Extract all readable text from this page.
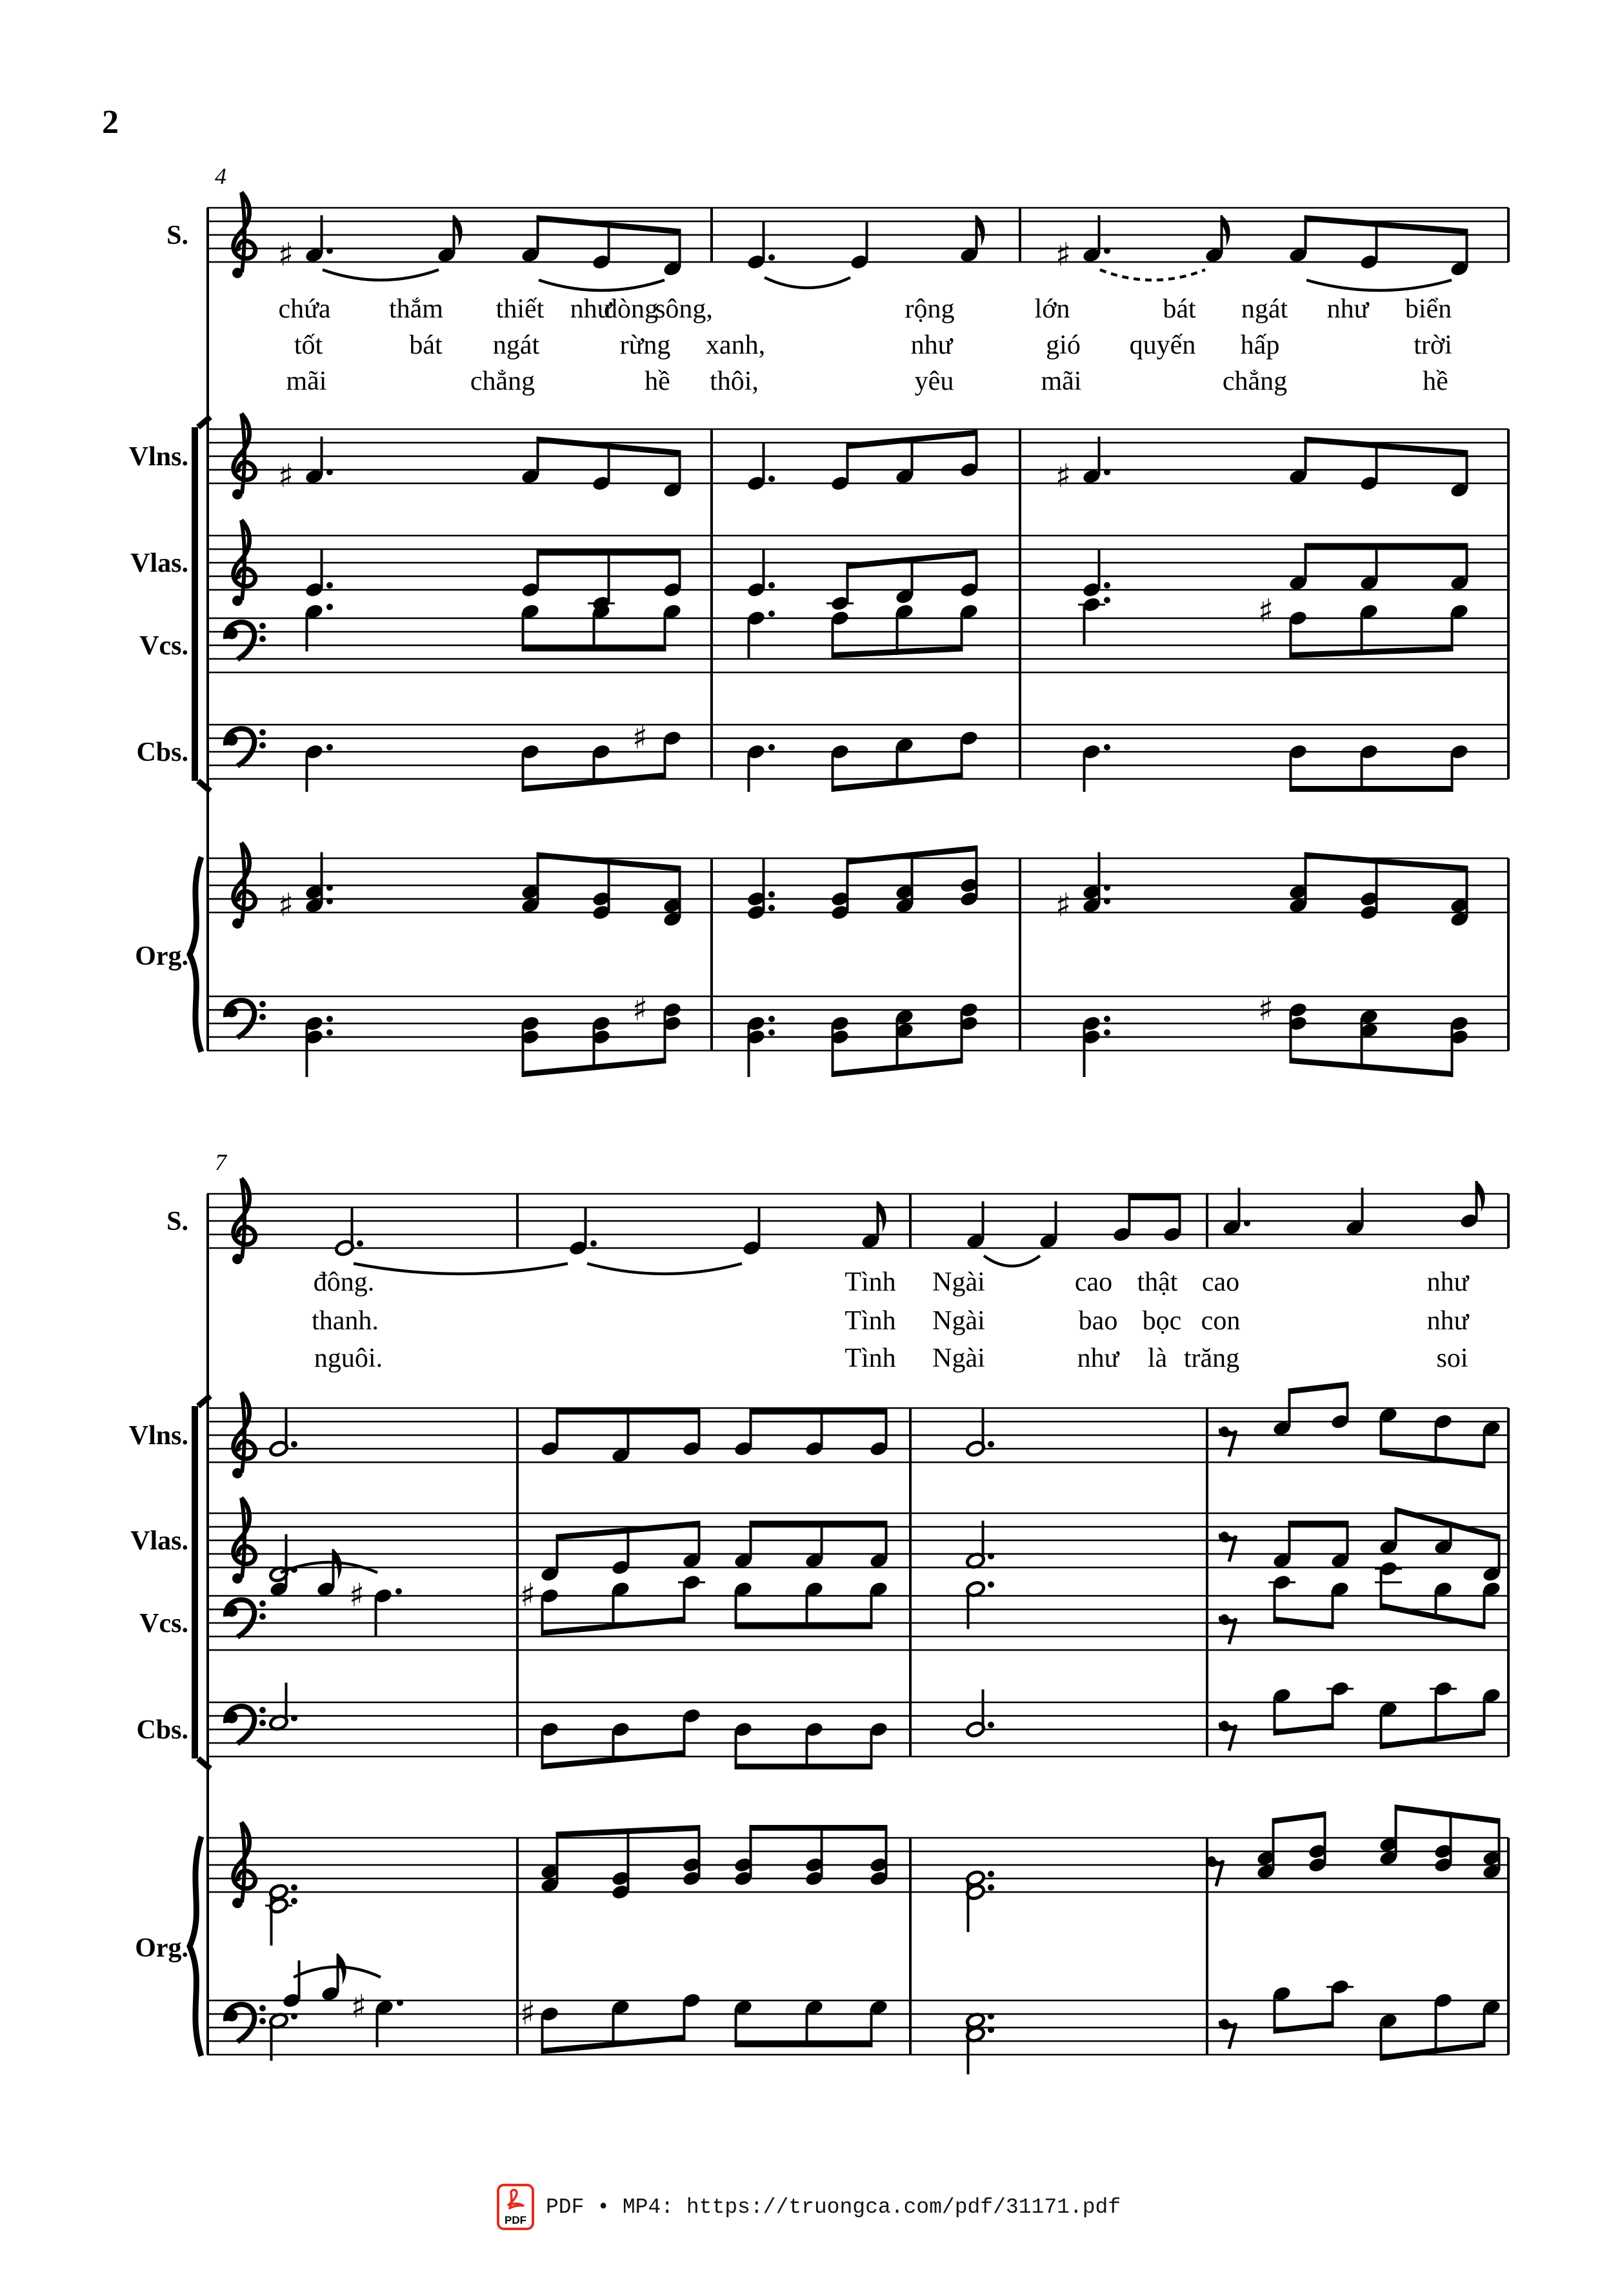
2
4
S.
♯	♯
Vlns.
♯	♯
Vlas.
Vcs.
♯
Cbs.	♯
♯	♯
♯	♯
Org.
chứa thắm thiết như
dòng
sông,	rộng	lớn	bát ngát như biển
tốt	bát ngát	rừng xanh,	như	gió quyến hấp	trời
mãi	chẳng	hề thôi,	yêu	mãi	chẳng	hề
7
S.
Vlns.
Vlas.
Vcs.
♯	♯
Cbs.
♯	♯
Org.
đông.	Tình Ngài	cao thật cao	như
thanh.	Tình Ngài	bao bọc con	như
nguôi.	Tình Ngài	như là trăng	soi
PDF
PDF • MP4: https://truongca.com/pdf/31171.pdf
